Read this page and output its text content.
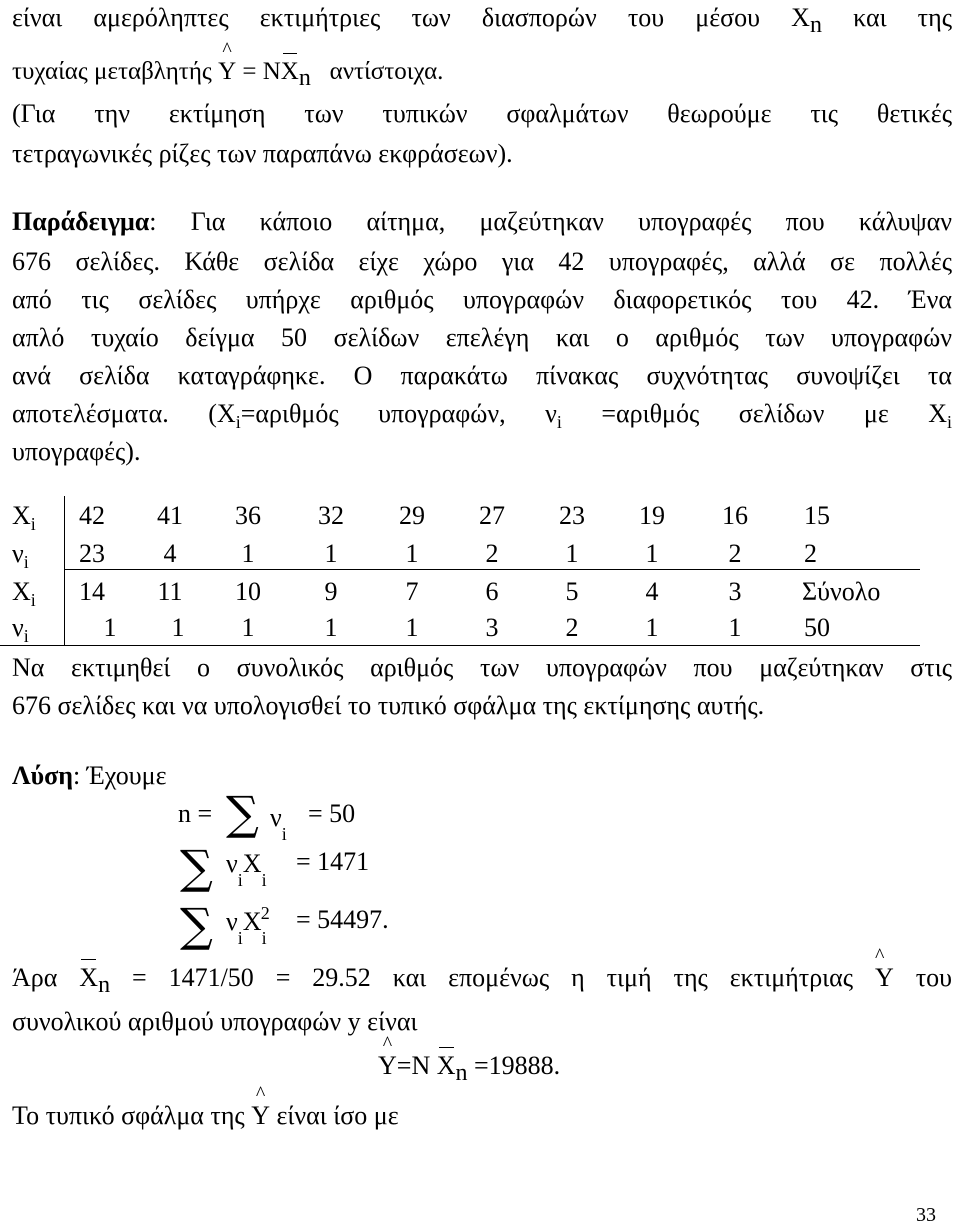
είναι αμερόληπτες εκτιμήτριες των διασπορών του μέσου Xn και της
τυχαίας μεταβλητής
^
Y = NXn αντίστοιχα.
(Για την εκτίμηση των τυπικών σφαλμάτων θεωρούμε τις θετικές
τετραγωνικές ρίζες των παραπάνω εκφράσεων).
Παράδειγμα: Για κάποιο αίτημα, μαζεύτηκαν υπογραφές που κάλυψαν
676 σελίδες. Κάθε σελίδα είχε χώρο για 42 υπογραφές, αλλά σε πολλές
από τις σελίδες υπήρχε αριθμός υπογραφών διαφορετικός του 42. Ένα
απλό τυχαίο δείγμα 50 σελίδων επελέγη και ο αριθμός των υπογραφών
ανά σελίδα καταγράφηκε. Ο παρακάτω πίνακας συχνότητας συνοψίζει τα
αποτελέσματα. ($X_i=\alpha\rho\iota\theta\mu ό\varsigma$ υπογραφών, $\nu_i =\alpha\rho\iota\theta\mu ό\varsigma$ σελίδων με $X_i$
υπογραφές).
$X_i$	42	41	36	32	29	27	23	19	16	15
$\nu_i$	23	4	1	1	1	2	1	1	2	2
$X_i$	14	11	10	9	7	6	5	4	3	Σύνολο
$\nu_i$	1	1	1	1	1	3	2	1	1	50
Να εκτιμηθεί ο συνολικός αριθμός των υπογραφών που μαζεύτηκαν στις
676 σελίδες και να υπολογισθεί το τυπικό σφάλμα της εκτίμησης αυτής.
Λύση: Έχουμε
n = ∑ $\nu_i$
= 50
∑ $\nu_iX_i$
= 1471
∑ $\nu_iX$ 2
$_i$
= 54497.
Άρα Xn = 1471/50 = 29.52 και επομένως η τιμή της εκτιμήτριας
^
Y του
συνολικού αριθμού υπογραφών y είναι
^
Y=N Xn =19888.
Το τυπικό σφάλμα της
^
Y είναι ίσο με
33
